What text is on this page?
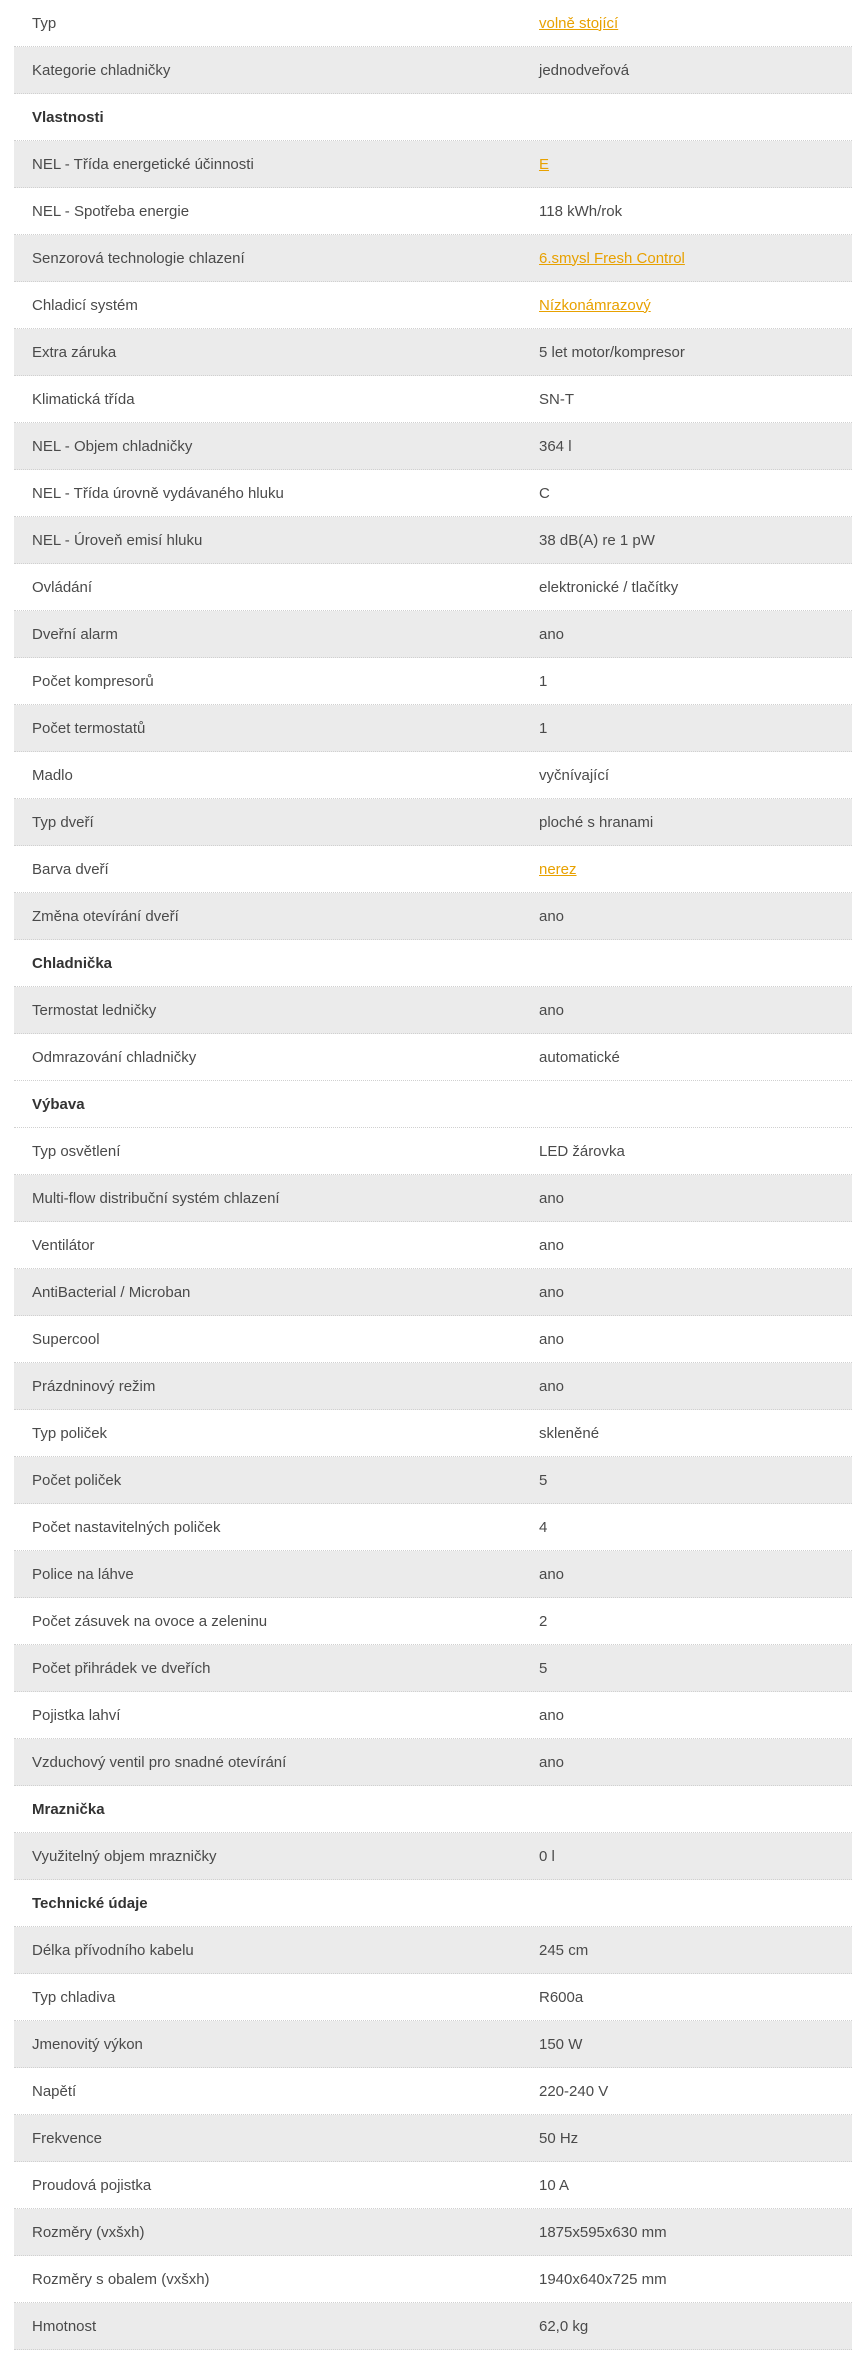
Typ	volně stojící
Kategorie chladničky	jednodveřová
Vlastnosti
NEL - Třída energetické účinnosti	E
NEL - Spotřeba energie	118 kWh/rok
Senzorová technologie chlazení	6.smysl Fresh Control
Chladicí systém	Nízkonámrazový
Extra záruka	5 let motor/kompresor
Klimatická třída	SN-T
NEL - Objem chladničky	364 l
NEL - Třída úrovně vydávaného hluku	C
NEL - Úroveň emisí hluku	38 dB(A) re 1 pW
Ovládání	elektronické / tlačítky
Dveřní alarm	ano
Počet kompresorů	1
Počet termostatů	1
Madlo	vyčnívající
Typ dveří	ploché s hranami
Barva dveří	nerez
Změna otevírání dveří	ano
Chladnička
Termostat ledničky	ano
Odmrazování chladničky	automatické
Výbava
Typ osvětlení	LED žárovka
Multi-flow distribuční systém chlazení	ano
Ventilátor	ano
AntiBacterial / Microban	ano
Supercool	ano
Prázdninový režim	ano
Typ poliček	skleněné
Počet poliček	5
Počet nastavitelných poliček	4
Police na láhve	ano
Počet zásuvek na ovoce a zeleninu	2
Počet přihrádek ve dveřích	5
Pojistka lahví	ano
Vzduchový ventil pro snadné otevírání	ano
Mraznička
Využitelný objem mrazničky	0 l
Technické údaje
Délka přívodního kabelu	245 cm
Typ chladiva	R600a
Jmenovitý výkon	150 W
Napětí	220-240 V
Frekvence	50 Hz
Proudová pojistka	10 A
Rozměry (vxšxh)	1875x595x630 mm
Rozměry s obalem (vxšxh)	1940x640x725 mm
Hmotnost	62,0 kg
